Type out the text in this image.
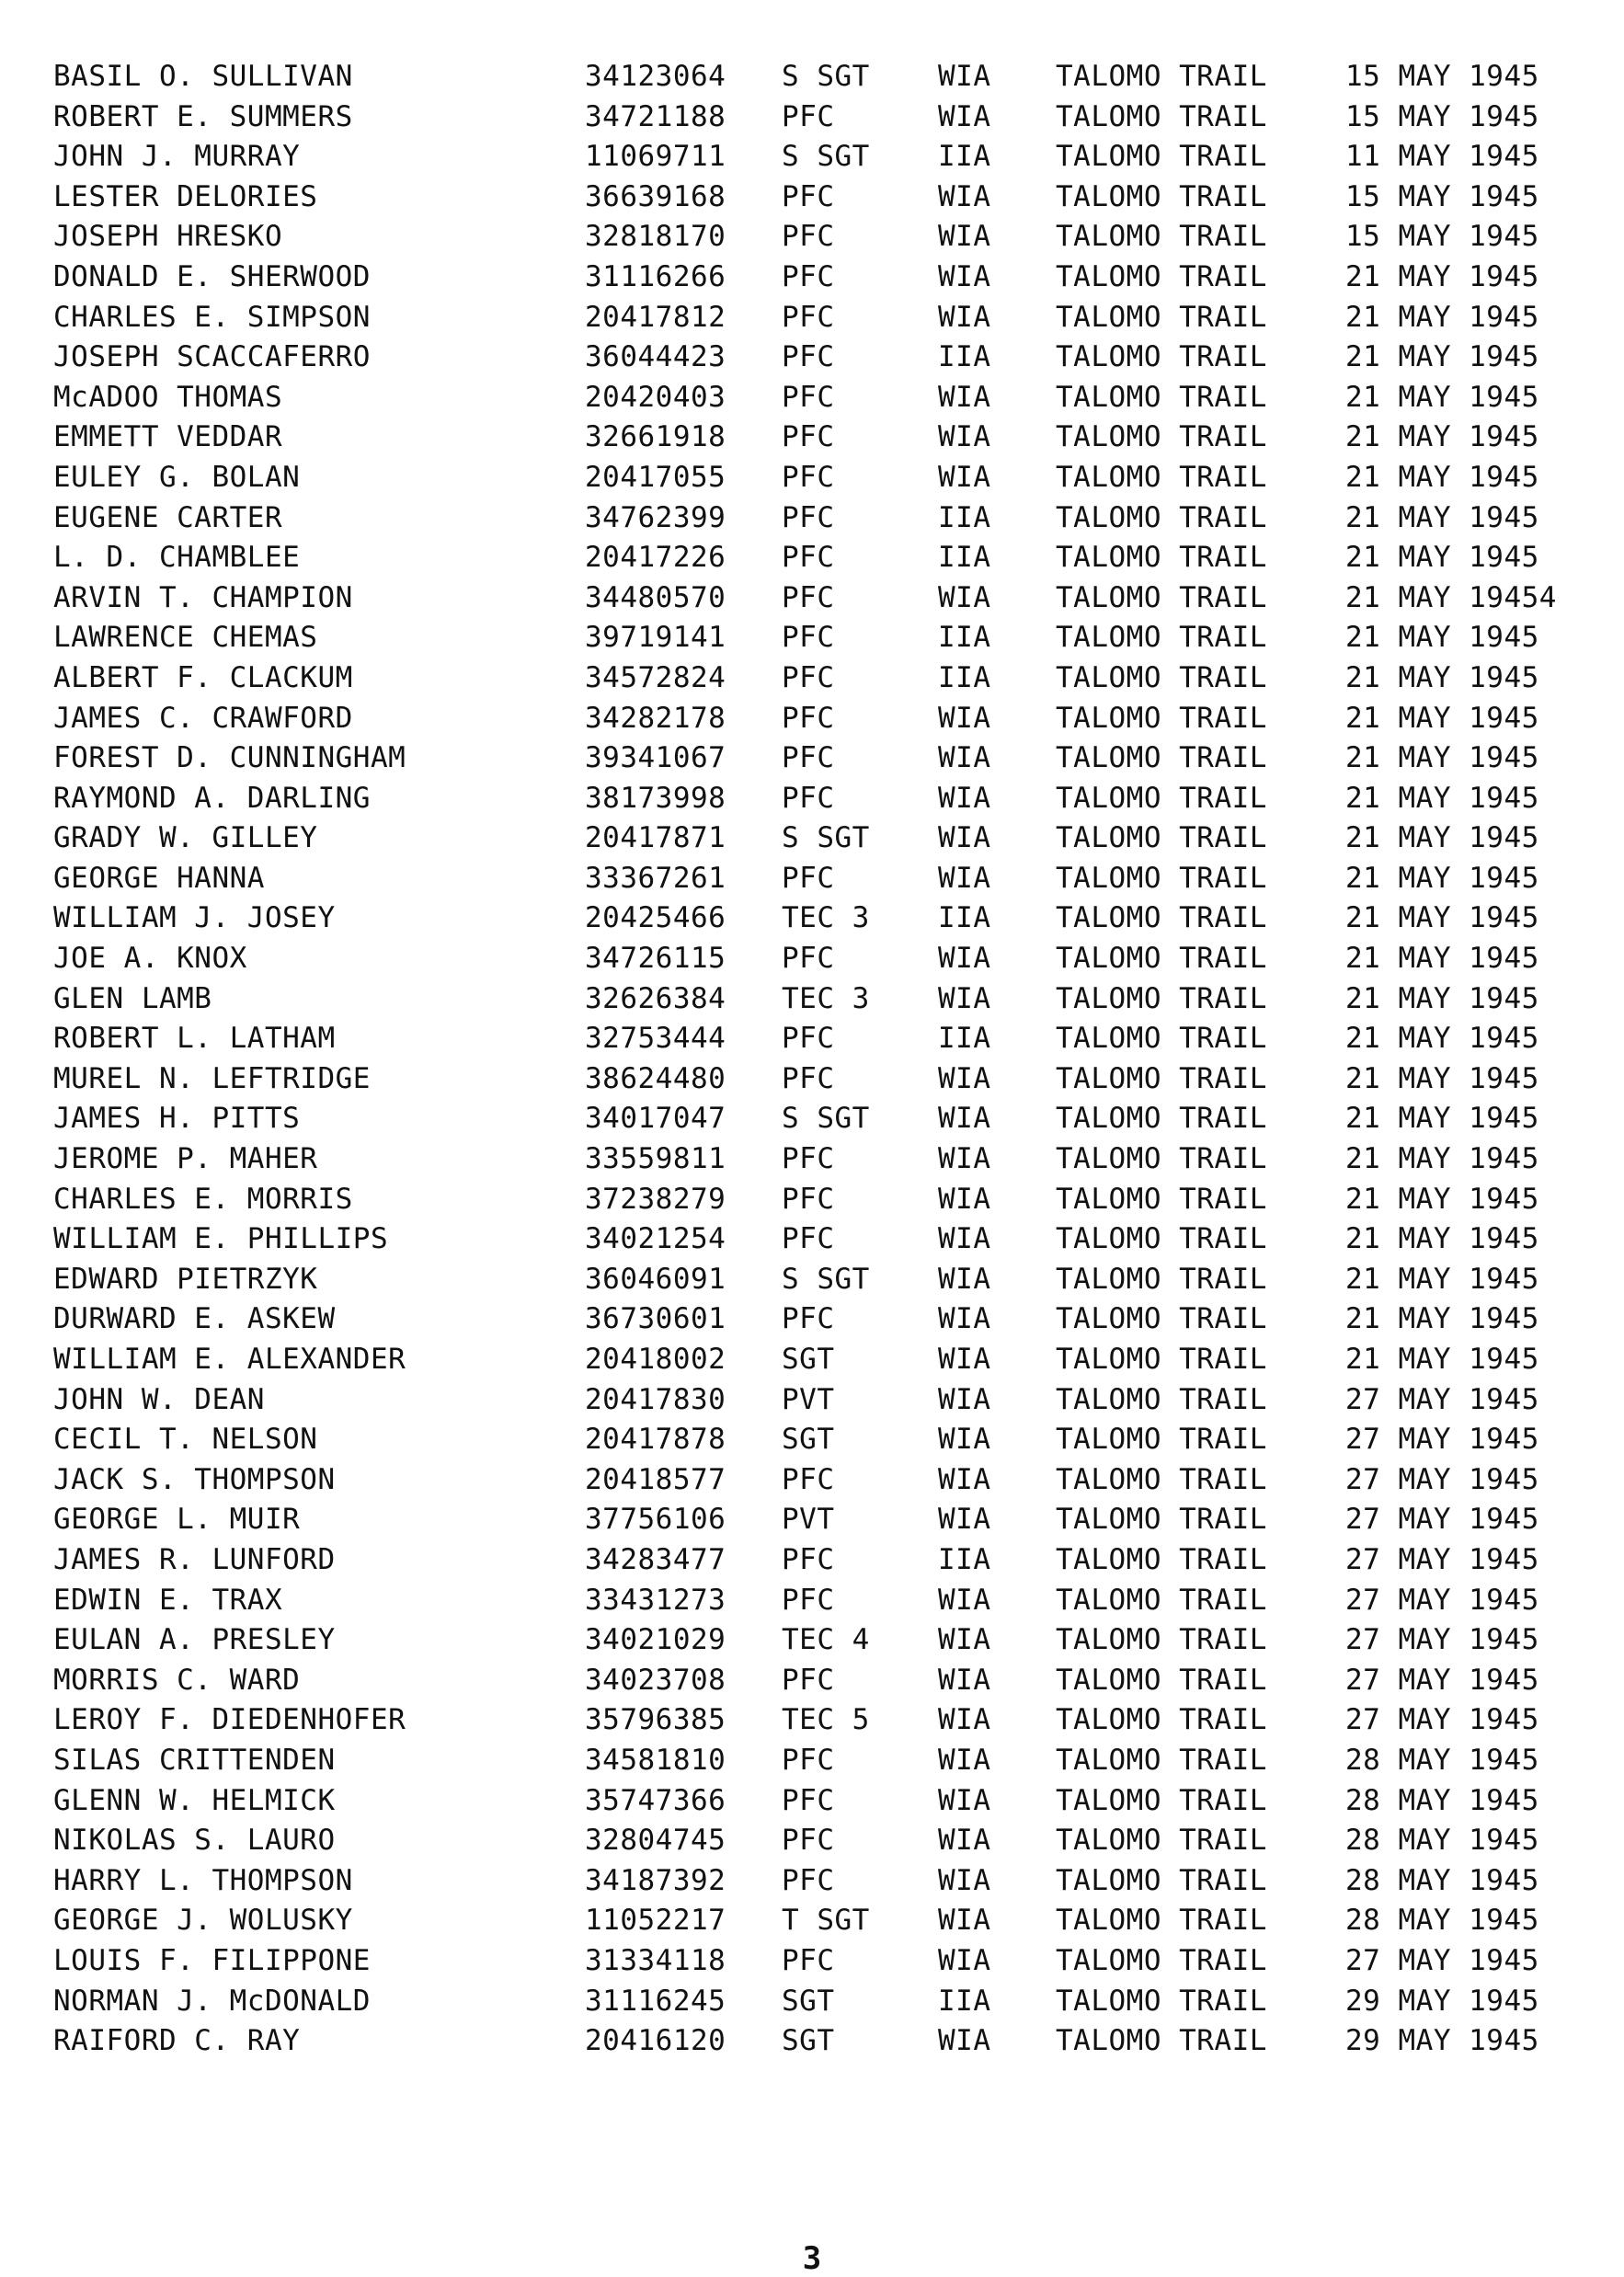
BASIL O. SULLIVAN	34123064 S SGT WIA TALOMO TRAIL	15 MAY 1945
ROBERT E. SUMMERS	34721188 PFC	WIA TALOMO TRAIL	15 MAY 1945
JOHN J. MURRAY	11069711 S SGT IIA TALOMO TRAIL	11 MAY 1945
LESTER DELORIES	36639168 PFC	WIA TALOMO TRAIL	15 MAY 1945
JOSEPH HRESKO	32818170 PFC	WIA TALOMO TRAIL	15 MAY 1945
DONALD E. SHERWOOD	31116266 PFC	WIA TALOMO TRAIL	21 MAY 1945
CHARLES E. SIMPSON	20417812 PFC	WIA TALOMO TRAIL	21 MAY 1945
JOSEPH SCACCAFERRO	36044423 PFC	IIA TALOMO TRAIL	21 MAY 1945
McADOO THOMAS	20420403 PFC	WIA TALOMO TRAIL	21 MAY 1945
EMMETT VEDDAR	32661918 PFC	WIA TALOMO TRAIL	21 MAY 1945
EULEY G. BOLAN	20417055 PFC	WIA TALOMO TRAIL	21 MAY 1945
EUGENE CARTER	34762399 PFC	IIA TALOMO TRAIL	21 MAY 1945
L. D. CHAMBLEE	20417226 PFC	IIA TALOMO TRAIL	21 MAY 1945
ARVIN T. CHAMPION	34480570 PFC	WIA TALOMO TRAIL	21 MAY 19454
LAWRENCE CHEMAS	39719141 PFC	IIA TALOMO TRAIL	21 MAY 1945
ALBERT F. CLACKUM	34572824 PFC	IIA TALOMO TRAIL	21 MAY 1945
JAMES C. CRAWFORD	34282178 PFC	WIA TALOMO TRAIL	21 MAY 1945
FOREST D. CUNNINGHAM	39341067 PFC	WIA TALOMO TRAIL	21 MAY 1945
RAYMOND A. DARLING	38173998 PFC	WIA TALOMO TRAIL	21 MAY 1945
GRADY W. GILLEY	20417871 S SGT WIA TALOMO TRAIL	21 MAY 1945
GEORGE HANNA	33367261 PFC	WIA TALOMO TRAIL	21 MAY 1945
WILLIAM J. JOSEY	20425466 TEC 3 IIA TALOMO TRAIL	21 MAY 1945
JOE A. KNOX	34726115 PFC	WIA TALOMO TRAIL	21 MAY 1945
GLEN LAMB	32626384 TEC 3 WIA TALOMO TRAIL	21 MAY 1945
ROBERT L. LATHAM	32753444 PFC	IIA TALOMO TRAIL	21 MAY 1945
MUREL N. LEFTRIDGE	38624480 PFC	WIA TALOMO TRAIL	21 MAY 1945
JAMES H. PITTS	34017047 S SGT WIA TALOMO TRAIL	21 MAY 1945
JEROME P. MAHER	33559811 PFC	WIA TALOMO TRAIL	21 MAY 1945
CHARLES E. MORRIS	37238279 PFC	WIA TALOMO TRAIL	21 MAY 1945
WILLIAM E. PHILLIPS	34021254 PFC	WIA TALOMO TRAIL	21 MAY 1945
EDWARD PIETRZYK	36046091 S SGT WIA TALOMO TRAIL	21 MAY 1945
DURWARD E. ASKEW	36730601 PFC	WIA TALOMO TRAIL	21 MAY 1945
WILLIAM E. ALEXANDER	20418002 SGT	WIA TALOMO TRAIL	21 MAY 1945
JOHN W. DEAN	20417830 PVT	WIA TALOMO TRAIL	27 MAY 1945
CECIL T. NELSON	20417878 SGT	WIA TALOMO TRAIL	27 MAY 1945
JACK S. THOMPSON	20418577 PFC	WIA TALOMO TRAIL	27 MAY 1945
GEORGE L. MUIR	37756106 PVT	WIA TALOMO TRAIL	27 MAY 1945
JAMES R. LUNFORD	34283477 PFC	IIA TALOMO TRAIL	27 MAY 1945
EDWIN E. TRAX	33431273 PFC	WIA TALOMO TRAIL	27 MAY 1945
EULAN A. PRESLEY	34021029 TEC 4 WIA TALOMO TRAIL	27 MAY 1945
MORRIS C. WARD	34023708 PFC	WIA TALOMO TRAIL	27 MAY 1945
LEROY F. DIEDENHOFER	35796385 TEC 5 WIA TALOMO TRAIL	27 MAY 1945
SILAS CRITTENDEN	34581810 PFC	WIA TALOMO TRAIL	28 MAY 1945
GLENN W. HELMICK	35747366 PFC	WIA TALOMO TRAIL	28 MAY 1945
NIKOLAS S. LAURO	32804745 PFC	WIA TALOMO TRAIL	28 MAY 1945
HARRY L. THOMPSON	34187392 PFC	WIA TALOMO TRAIL	28 MAY 1945
GEORGE J. WOLUSKY	11052217 T SGT WIA TALOMO TRAIL	28 MAY 1945
LOUIS F. FILIPPONE	31334118 PFC	WIA TALOMO TRAIL	27 MAY 1945
NORMAN J. McDONALD	31116245 SGT	IIA TALOMO TRAIL	29 MAY 1945
RAIFORD C. RAY	20416120 SGT	WIA TALOMO TRAIL	29 MAY 1945
3
